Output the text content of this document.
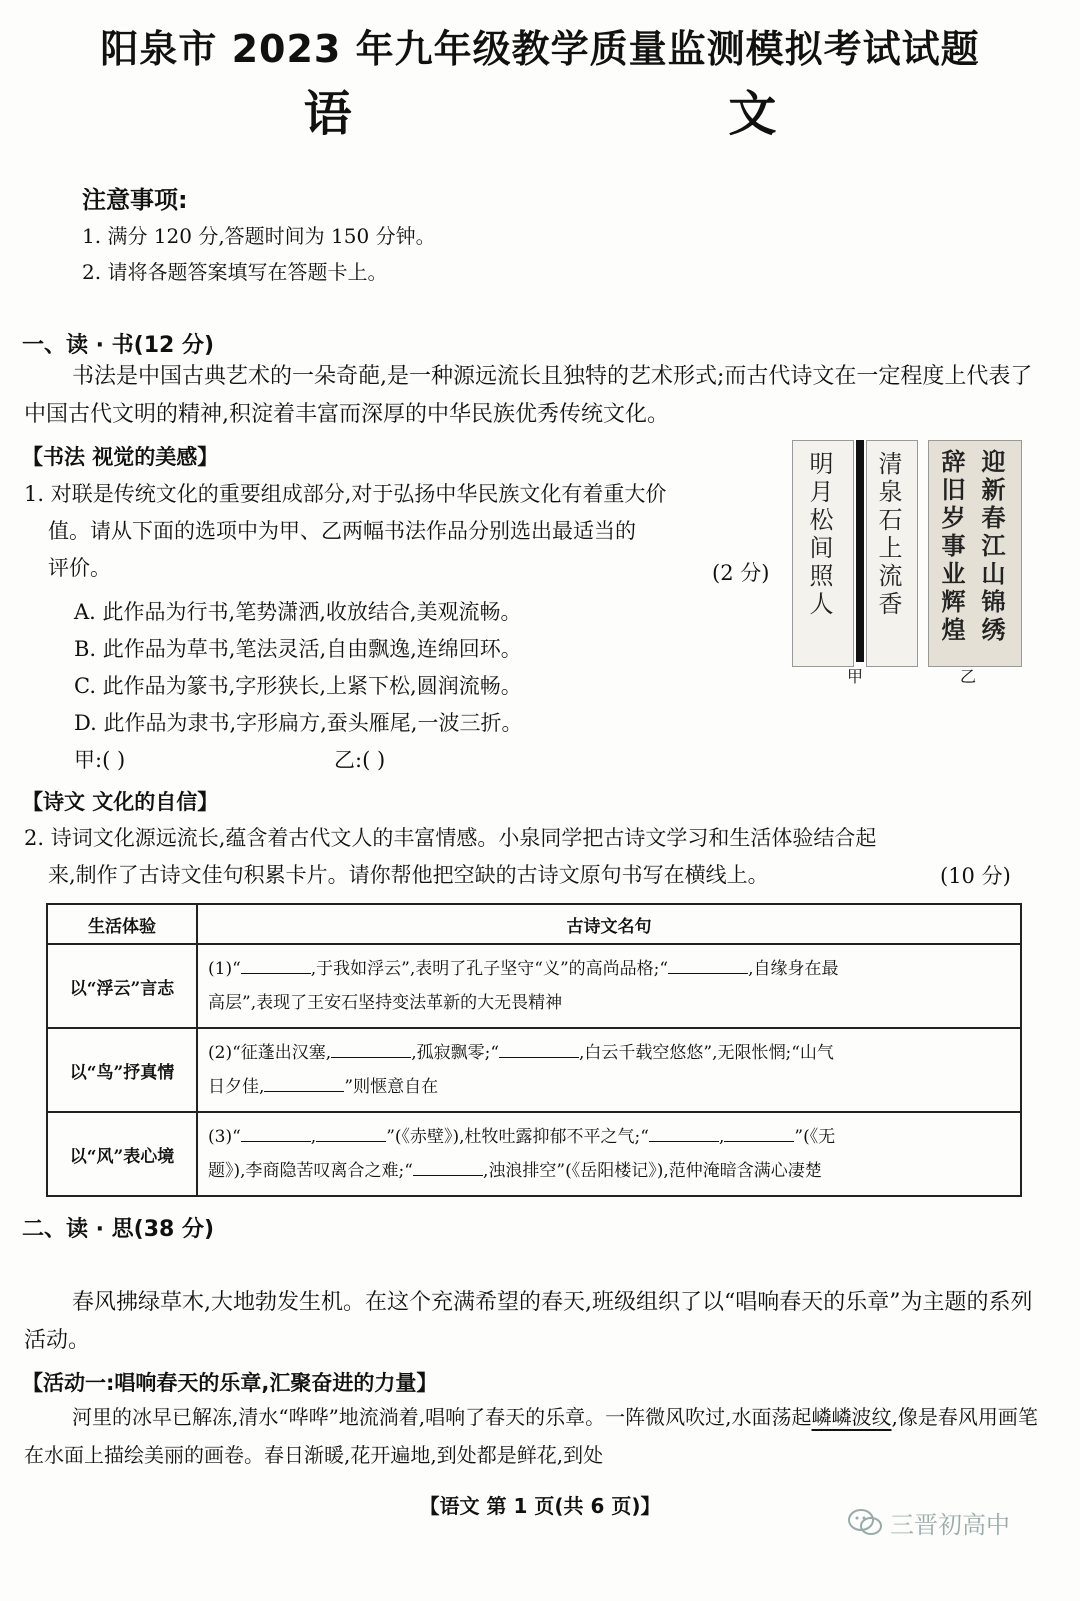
阳泉市 2023 年九年级教学质量监测模拟考试试题
语 文
注意事项:
1. 满分 120 分,答题时间为 150 分钟。
2. 请将各题答案填写在答题卡上。
一、读 · 书(12 分)
书法是中国古典艺术的一朵奇葩,是一种源远流长且独特的艺术形式;而古代诗文在一定程度上代表了中国古代文明的精神,积淀着丰富而深厚的中华民族优秀传统文化。
【书法 视觉的美感】
1. 对联是传统文化的重要组成部分,对于弘扬中华民族文化有着重大价
值。请从下面的选项中为甲、乙两幅书法作品分别选出最适当的
评价。	(2 分)
A. 此作品为行书,笔势潇洒,收放结合,美观流畅。
B. 此作品为草书,笔法灵活,自由飘逸,连绵回环。
C. 此作品为篆书,字形狭长,上紧下松,圆润流畅。
D. 此作品为隶书,字形扁方,蚕头雁尾,一波三折。
甲:( )	乙:( )
明月松间照人 清泉石上流香
甲
迎新春江山锦绣
辞旧岁事业辉煌
乙
【诗文 文化的自信】
2. 诗词文化源远流长,蕴含着古代文人的丰富情感。小泉同学把古诗文学习和生活体验结合起
来,制作了古诗文佳句积累卡片。请你帮他把空缺的古诗文原句书写在横线上。	(10 分)
生活体验	古诗文名句
以“浮云”言志	(1)“ ,于我如浮云”,表明了孔子坚守“义”的高尚品格;“ ,自缘身在最
高层”,表现了王安石坚持变法革新的大无畏精神
以“鸟”抒真情	(2)“征蓬出汉塞, ,孤寂飘零;“ ,白云千载空悠悠”,无限怅惘;“山气
日夕佳, ”则惬意自在
以“风”表心境	(3)“ , ”(《赤壁》),杜牧吐露抑郁不平之气;“ , ”(《无
题》),李商隐苦叹离合之难;“ ,浊浪排空”(《岳阳楼记》),范仲淹暗含满心凄楚
二、读 · 思(38 分)
春风拂绿草木,大地勃发生机。在这个充满希望的春天,班级组织了以“唱响春天的乐章”为主题的系列活动。
【活动一:唱响春天的乐章,汇聚奋进的力量】
河里的冰早已解冻,清水“哗哗”地流淌着,唱响了春天的乐章。一阵微风吹过,水面荡起嶙嶙波纹,像是春风用画笔在水面上描绘美丽的画卷。春日渐暖,花开遍地,到处都是鲜花,到处
【语文 第 1 页(共 6 页)】
三晋初高中
